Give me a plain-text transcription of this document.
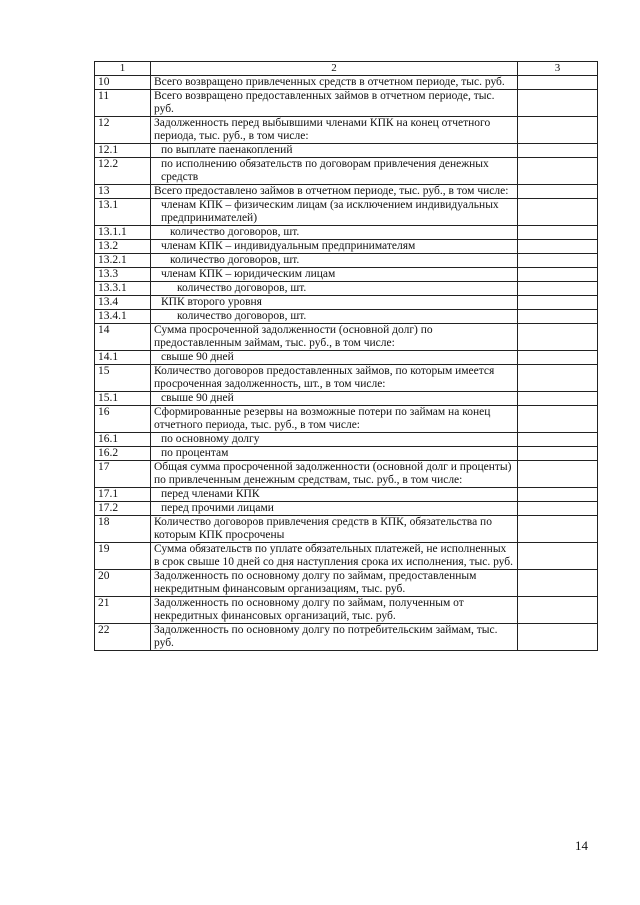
1	2	3
10	Всего возвращено привлеченных средств в отчетном периоде, тыс. руб.	
11	Всего возвращено предоставленных займов в отчетном периоде, тыс. руб.	
12	Задолженность перед выбывшими членами КПК на конец отчетного периода, тыс. руб., в том числе:	
12.1	по выплате паенакоплений	
12.2	по исполнению обязательств по договорам привлечения денежных средств	
13	Всего предоставлено займов в отчетном периоде, тыс. руб., в том числе:	
13.1	членам КПК – физическим лицам (за исключением индивидуальных предпринимателей)	
13.1.1	количество договоров, шт.	
13.2	членам КПК – индивидуальным предпринимателям	
13.2.1	количество договоров, шт.	
13.3	членам КПК – юридическим лицам	
13.3.1	количество договоров, шт.	
13.4	КПК второго уровня	
13.4.1	количество договоров, шт.	
14	Сумма просроченной задолженности (основной долг) по предоставленным займам, тыс. руб., в том числе:	
14.1	свыше 90 дней	
15	Количество договоров предоставленных займов, по которым имеется просроченная задолженность, шт., в том числе:	
15.1	свыше 90 дней	
16	Сформированные резервы на возможные потери по займам на конец отчетного периода, тыс. руб., в том числе:	
16.1	по основному долгу	
16.2	по процентам	
17	Общая сумма просроченной задолженности (основной долг и проценты) по привлеченным денежным средствам, тыс. руб., в том числе:	
17.1	перед членами КПК	
17.2	перед прочими лицами	
18	Количество договоров привлечения средств в КПК, обязательства по которым КПК просрочены	
19	Сумма обязательств по уплате обязательных платежей, не исполненных в срок свыше 10 дней со дня наступления срока их исполнения, тыс. руб.	
20	Задолженность по основному долгу по займам, предоставленным некредитным финансовым организациям, тыс. руб.	
21	Задолженность по основному долгу по займам, полученным от некредитных финансовых организаций, тыс. руб.	
22	Задолженность по основному долгу по потребительским займам, тыс. руб.	
14
